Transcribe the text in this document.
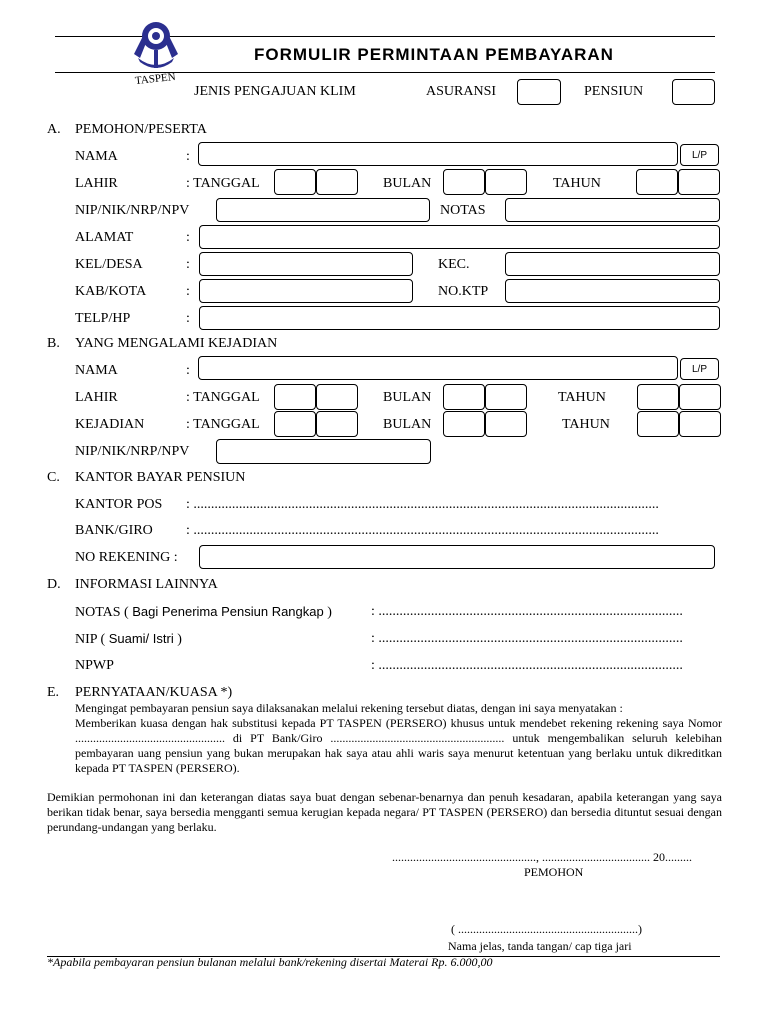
TASPEN
FORMULIR PERMINTAAN PEMBAYARAN
JENIS PENGAJUAN KLIM	ASURANSI	PENSIUN
A. PEMOHON/PESERTA
NAMA	:	L/P
LAHIR	: TANGGAL	BULAN	TAHUN
NIP/NIK/NRP/NPV	NOTAS
ALAMAT	:
KEL/DESA	:	KEC.
KAB/KOTA	:	NO.KTP
TELP/HP	:
B. YANG MENGALAMI KEJADIAN
NAMA	:	L/P
LAHIR	: TANGGAL	BULAN	TAHUN
KEJADIAN	: TANGGAL	BULAN	TAHUN
NIP/NIK/NRP/NPV
C. KANTOR BAYAR PENSIUN
KANTOR POS : .....................................................................................................................................
BANK/GIRO : .....................................................................................................................................
NO REKENING :
D. INFORMASI LAINNYA
NOTAS ( Bagi Penerima Pensiun Rangkap )	: .......................................................................................
NIP ( Suami/ Istri )	: .......................................................................................
NPWP	: .......................................................................................
E. PERNYATAAN/KUASA *)
Mengingat pembayaran pensiun saya dilaksanakan melalui rekening tersebut diatas, dengan ini saya menyatakan :
Memberikan kuasa dengan hak substitusi kepada PT TASPEN (PERSERO) khusus untuk mendebet rekening rekening saya Nomor .................................................. di PT Bank/Giro .......................................................... untuk mengembalikan seluruh kelebihan pembayaran uang pensiun yang bukan merupakan hak saya atau ahli waris saya menurut ketentuan yang berlaku untuk dikreditkan kepada PT TASPEN (PERSERO).
Demikian permohonan ini dan keterangan diatas saya buat dengan sebenar-benarnya dan penuh kesadaran, apabila keterangan yang saya berikan tidak benar, saya bersedia mengganti semua kerugian kepada negara/ PT TASPEN (PERSERO) dan bersedia dituntut sesuai dengan perundang-undangan yang berlaku.
................................................, .................................... 20.........
PEMOHON
( ............................................................)
Nama jelas, tanda tangan/ cap tiga jari
*Apabila pembayaran pensiun bulanan melalui bank/rekening disertai Materai Rp. 6.000,00
